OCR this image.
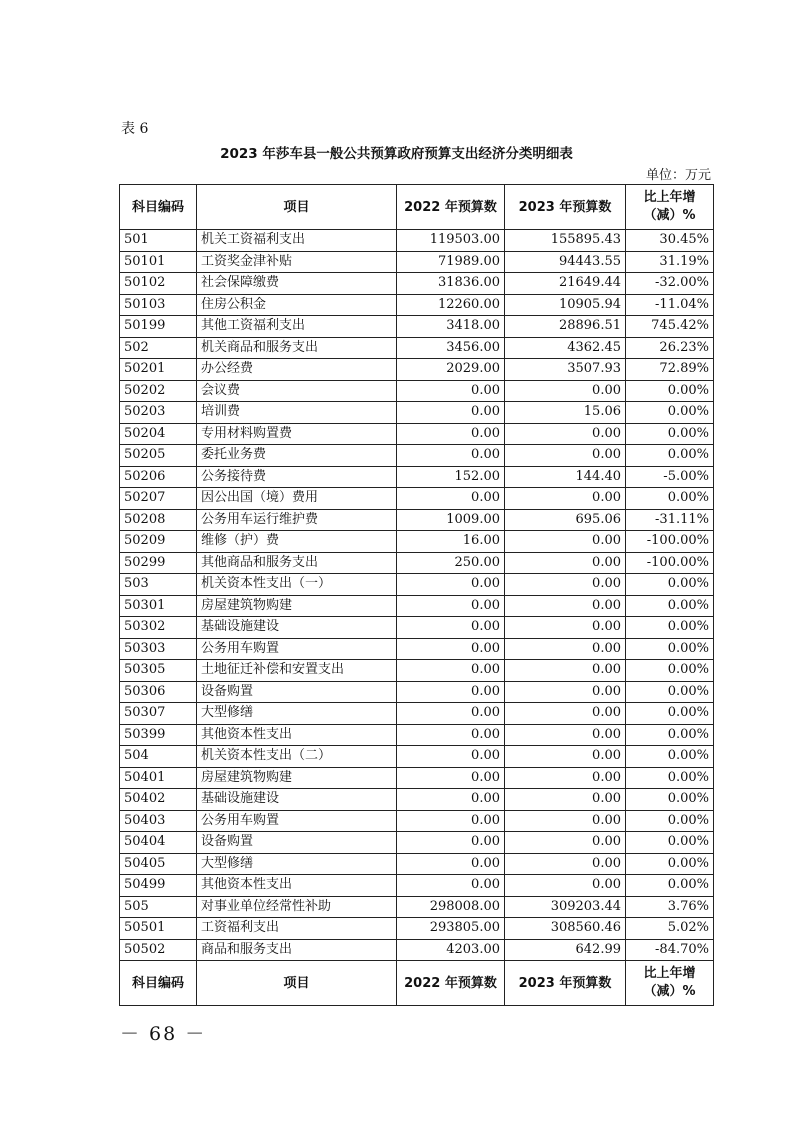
表 6
2023 年莎车县一般公共预算政府预算支出经济分类明细表
单位：万元
科目编码	项目	2022 年预算数	2023 年预算数	比上年增
（减）%
501	机关工资福利支出	119503.00	155895.43	30.45%
50101	工资奖金津补贴	71989.00	94443.55	31.19%
50102	社会保障缴费	31836.00	21649.44	-32.00%
50103	住房公积金	12260.00	10905.94	-11.04%
50199	其他工资福利支出	3418.00	28896.51	745.42%
502	机关商品和服务支出	3456.00	4362.45	26.23%
50201	办公经费	2029.00	3507.93	72.89%
50202	会议费	0.00	0.00	0.00%
50203	培训费	0.00	15.06	0.00%
50204	专用材料购置费	0.00	0.00	0.00%
50205	委托业务费	0.00	0.00	0.00%
50206	公务接待费	152.00	144.40	-5.00%
50207	因公出国（境）费用	0.00	0.00	0.00%
50208	公务用车运行维护费	1009.00	695.06	-31.11%
50209	维修（护）费	16.00	0.00	-100.00%
50299	其他商品和服务支出	250.00	0.00	-100.00%
503	机关资本性支出（一）	0.00	0.00	0.00%
50301	房屋建筑物购建	0.00	0.00	0.00%
50302	基础设施建设	0.00	0.00	0.00%
50303	公务用车购置	0.00	0.00	0.00%
50305	土地征迁补偿和安置支出	0.00	0.00	0.00%
50306	设备购置	0.00	0.00	0.00%
50307	大型修缮	0.00	0.00	0.00%
50399	其他资本性支出	0.00	0.00	0.00%
504	机关资本性支出（二）	0.00	0.00	0.00%
50401	房屋建筑物购建	0.00	0.00	0.00%
50402	基础设施建设	0.00	0.00	0.00%
50403	公务用车购置	0.00	0.00	0.00%
50404	设备购置	0.00	0.00	0.00%
50405	大型修缮	0.00	0.00	0.00%
50499	其他资本性支出	0.00	0.00	0.00%
505	对事业单位经常性补助	298008.00	309203.44	3.76%
50501	工资福利支出	293805.00	308560.46	5.02%
50502	商品和服务支出	4203.00	642.99	-84.70%
科目编码	项目	2022 年预算数	2023 年预算数	比上年增
（减）%
－ 68 －
